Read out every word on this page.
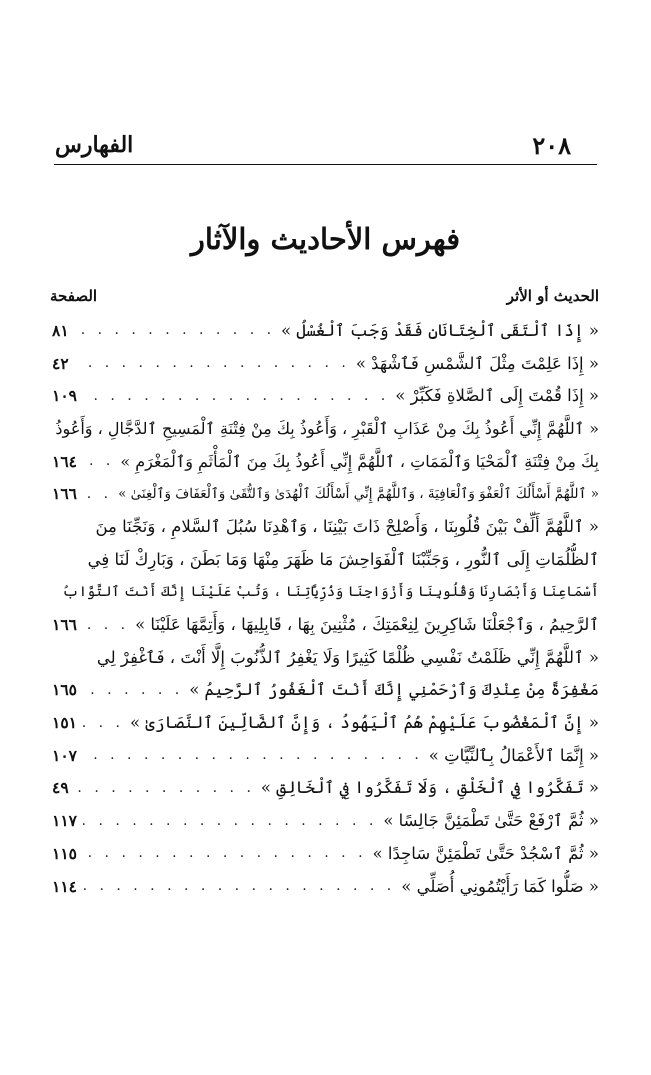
٢٠٨
الفهارس
فهرس الأحاديث والآثار
الحديث أو الأثر
الصفحة
« إِذَا ٱلْتَقَى ٱلْخِتَانَانِ فَقَدْ وَجَبَ ٱلْغُسْلُ »
. . .
٨١
« إِذَا عَلِمْتَ مِثْلَ ٱلشَّمْسِ فَٱشْهَدْ »
. . .
٤٢
« إِذَا قُمْتَ إِلَى ٱلصَّلاةِ فَكَبِّرْ »
. . .
١٠٩
« ٱللَّهُمَّ إِنِّي أَعُوذُ بِكَ مِنْ عَذَابِ ٱلْقَبْرِ ، وَأَعُوذُ بِكَ مِنْ فِتْنَةِ ٱلْمَسِيحِ ٱلدَّجَّالِ ، وَأَعُوذُ
بِكَ مِنْ فِتْنَةِ ٱلْمَحْيَا وَٱلْمَمَاتِ ، ٱللَّهُمَّ إِنِّي أَعُوذُ بِكَ مِنَ ٱلْمَأْثَمِ وَٱلْمَغْرَمِ »
. . .
١٦٤
« ٱللَّهُمَّ أَسْأَلُكَ ٱلْعَفْوَ وَٱلْعَافِيَةَ ، وَٱللَّهُمَّ إِنِّي أَسْأَلُكَ ٱلْهُدَىٰ وَٱلتُّقَىٰ وَٱلْعَفَافَ وَٱلْغِنَىٰ »
. . .
١٦٦
« ٱللَّهُمَّ أَلِّفْ بَيْنَ قُلُوبِنَا ، وَأَصْلِحْ ذَاتَ بَيْنِنَا ، وَٱهْدِنَا سُبُلَ ٱلسَّلامِ ، وَنَجِّنَا مِنَ
ٱلظُّلُمَاتِ إِلَى ٱلنُّورِ ، وَجَنِّبْنَا ٱلْفَوَاحِشَ مَا ظَهَرَ مِنْهَا وَمَا بَطَنَ ، وَبَارِكْ لَنَا فِي
أَسْمَاعِنَا وَأَبْصَارِنَا وَقُلُوبِنَا وَأَزْوَاجِنَا وَذُرِّيَّاتِنَا ، وَتُبْ عَلَيْنَا إِنَّكَ أَنْتَ ٱلتَّوَّابُ
ٱلرَّحِيمُ ، وَٱجْعَلْنَا شَاكِرِينَ لِنِعْمَتِكَ ، مُثْنِينَ بِهَا ، قَابِلِيهَا ، وَأَتِمَّهَا عَلَيْنَا »
. . .
١٦٦
« ٱللَّهُمَّ إِنِّي ظَلَمْتُ نَفْسِي ظُلْمًا كَثِيرًا وَلَا يَغْفِرُ ٱلذُّنُوبَ إِلَّا أَنْتَ ، فَٱغْفِرْ لِي
مَغْفِرَةً مِنْ عِنْدِكَ وَٱرْحَمْنِي إِنَّكَ أَنْتَ ٱلْغَفُورُ ٱلرَّحِيمُ »
. . .
١٦٥
« إِنَّ ٱلْمَغْضُوبَ عَلَيْهِمْ هُمُ ٱلْيَهُودُ ، وَإِنَّ ٱلضَّالِّينَ ٱلنَّصَارَىٰ »
. . .
١٥١
« إِنَّمَا ٱلأَعْمَالُ بِٱلنِّيَّاتِ »
. . .
١٠٧
« تَفَكَّرُوا فِي ٱلْخَلْقِ ، وَلَا تَفَكَّرُوا فِي ٱلْخَالِقِ »
. . .
٤٩
« ثُمَّ ٱرْفَعْ حَتَّىٰ تَطْمَئِنَّ جَالِسًا »
. . .
١١٧
« ثُمَّ ٱسْجُدْ حَتَّىٰ تَطْمَئِنَّ سَاجِدًا »
. . .
١١٥
« صَلُّوا كَمَا رَأَيْتُمُونِي أُصَلِّي »
. . .
١١٤
